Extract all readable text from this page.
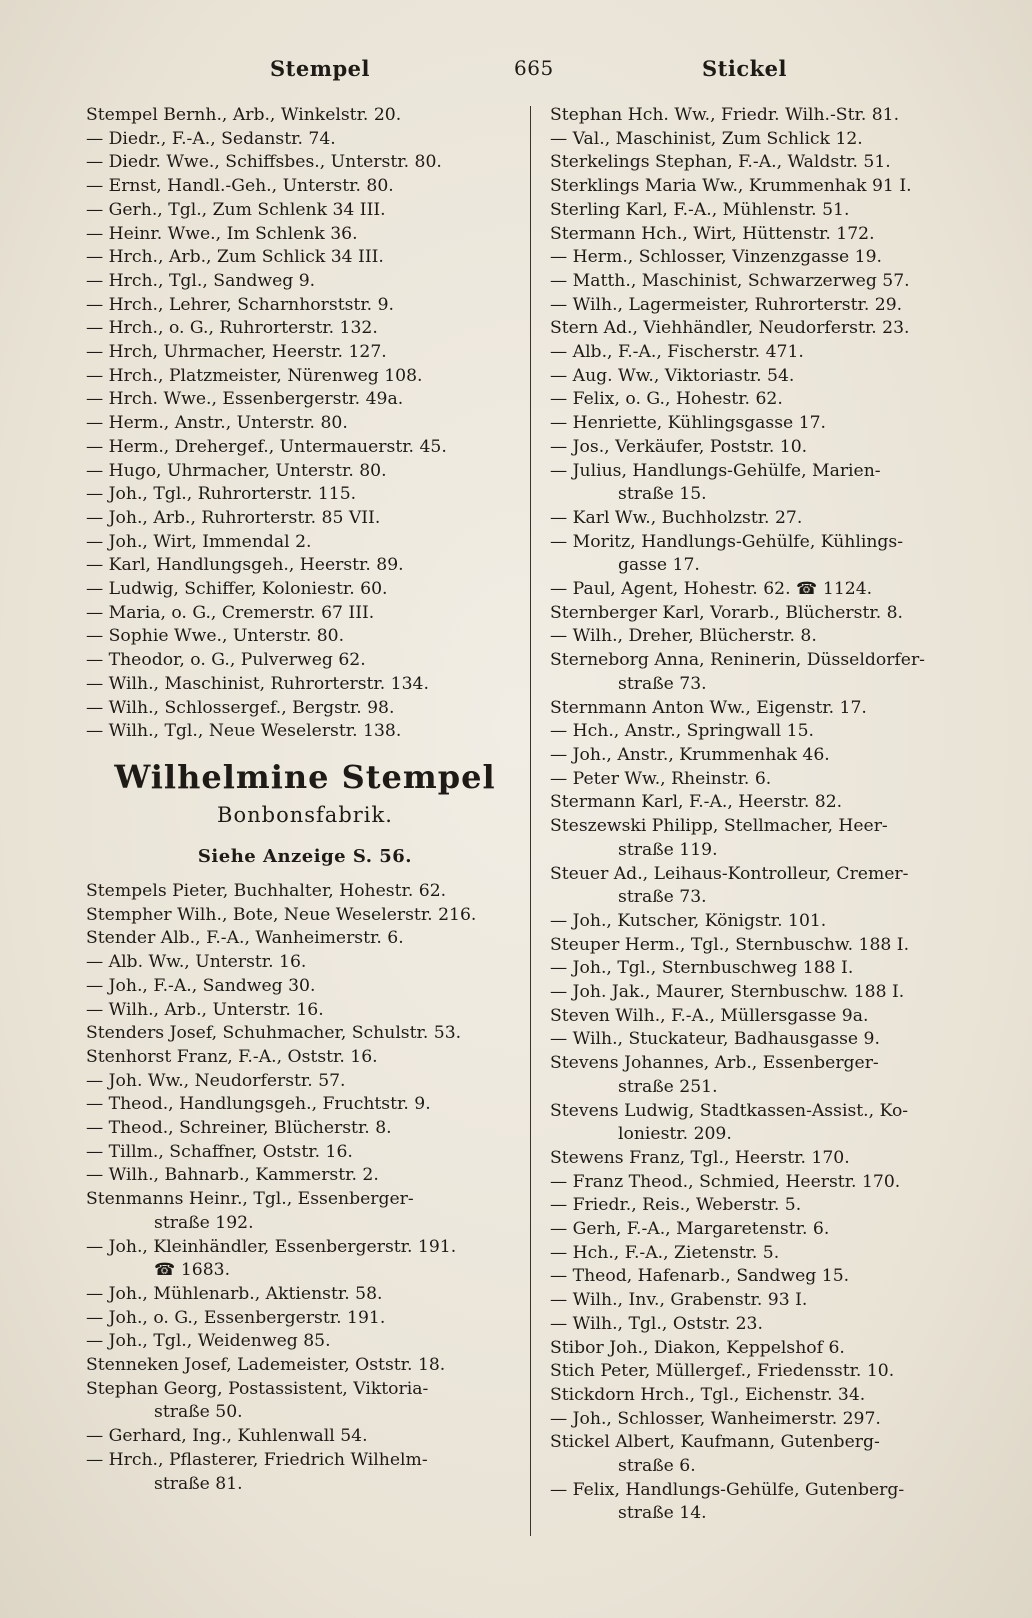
Stempel	665	Stickel
Stempel Bernh., Arb., Winkelstr. 20.
— Diedr., F.-A., Sedanstr. 74.
— Diedr. Wwe., Schiffsbes., Unterstr. 80.
— Ernst, Handl.-Geh., Unterstr. 80.
— Gerh., Tgl., Zum Schlenk 34 III.
— Heinr. Wwe., Im Schlenk 36.
— Hrch., Arb., Zum Schlick 34 III.
— Hrch., Tgl., Sandweg 9.
— Hrch., Lehrer, Scharnhorststr. 9.
— Hrch., o. G., Ruhrorterstr. 132.
— Hrch, Uhrmacher, Heerstr. 127.
— Hrch., Platzmeister, Nürenweg 108.
— Hrch. Wwe., Essenbergerstr. 49a.
— Herm., Anstr., Unterstr. 80.
— Herm., Drehergef., Untermauerstr. 45.
— Hugo, Uhrmacher, Unterstr. 80.
— Joh., Tgl., Ruhrorterstr. 115.
— Joh., Arb., Ruhrorterstr. 85 VII.
— Joh., Wirt, Immendal 2.
— Karl, Handlungsgeh., Heerstr. 89.
— Ludwig, Schiffer, Koloniestr. 60.
— Maria, o. G., Cremerstr. 67 III.
— Sophie Wwe., Unterstr. 80.
— Theodor, o. G., Pulverweg 62.
— Wilh., Maschinist, Ruhrorterstr. 134.
— Wilh., Schlossergef., Bergstr. 98.
— Wilh., Tgl., Neue Weselerstr. 138.
Wilhelmine Stempel
Bonbonsfabrik.
Siehe Anzeige S. 56.
Stempels Pieter, Buchhalter, Hohestr. 62.
Stempher Wilh., Bote, Neue Weselerstr. 216.
Stender Alb., F.-A., Wanheimerstr. 6.
— Alb. Ww., Unterstr. 16.
— Joh., F.-A., Sandweg 30.
— Wilh., Arb., Unterstr. 16.
Stenders Josef, Schuhmacher, Schulstr. 53.
Stenhorst Franz, F.-A., Oststr. 16.
— Joh. Ww., Neudorferstr. 57.
— Theod., Handlungsgeh., Fruchtstr. 9.
— Theod., Schreiner, Blücherstr. 8.
— Tillm., Schaffner, Oststr. 16.
— Wilh., Bahnarb., Kammerstr. 2.
Stenmanns Heinr., Tgl., Essenberger-
straße 192.
— Joh., Kleinhändler, Essenbergerstr. 191.
☎ 1683.
— Joh., Mühlenarb., Aktienstr. 58.
— Joh., o. G., Essenbergerstr. 191.
— Joh., Tgl., Weidenweg 85.
Stenneken Josef, Lademeister, Oststr. 18.
Stephan Georg, Postassistent, Viktoria-
straße 50.
— Gerhard, Ing., Kuhlenwall 54.
— Hrch., Pflasterer, Friedrich Wilhelm-
straße 81.
Stephan Hch. Ww., Friedr. Wilh.-Str. 81.
— Val., Maschinist, Zum Schlick 12.
Sterkelings Stephan, F.-A., Waldstr. 51.
Sterklings Maria Ww., Krummenhak 91 I.
Sterling Karl, F.-A., Mühlenstr. 51.
Stermann Hch., Wirt, Hüttenstr. 172.
— Herm., Schlosser, Vinzenzgasse 19.
— Matth., Maschinist, Schwarzerweg 57.
— Wilh., Lagermeister, Ruhrorterstr. 29.
Stern Ad., Viehhändler, Neudorferstr. 23.
— Alb., F.-A., Fischerstr. 471.
— Aug. Ww., Viktoriastr. 54.
— Felix, o. G., Hohestr. 62.
— Henriette, Kühlingsgasse 17.
— Jos., Verkäufer, Poststr. 10.
— Julius, Handlungs-Gehülfe, Marien-
straße 15.
— Karl Ww., Buchholzstr. 27.
— Moritz, Handlungs-Gehülfe, Kühlings-
gasse 17.
— Paul, Agent, Hohestr. 62. ☎ 1124.
Sternberger Karl, Vorarb., Blücherstr. 8.
— Wilh., Dreher, Blücherstr. 8.
Sterneborg Anna, Reninerin, Düsseldorfer-
straße 73.
Sternmann Anton Ww., Eigenstr. 17.
— Hch., Anstr., Springwall 15.
— Joh., Anstr., Krummenhak 46.
— Peter Ww., Rheinstr. 6.
Stermann Karl, F.-A., Heerstr. 82.
Steszewski Philipp, Stellmacher, Heer-
straße 119.
Steuer Ad., Leihaus-Kontrolleur, Cremer-
straße 73.
— Joh., Kutscher, Königstr. 101.
Steuper Herm., Tgl., Sternbuschw. 188 I.
— Joh., Tgl., Sternbuschweg 188 I.
— Joh. Jak., Maurer, Sternbuschw. 188 I.
Steven Wilh., F.-A., Müllersgasse 9a.
— Wilh., Stuckateur, Badhausgasse 9.
Stevens Johannes, Arb., Essenberger-
straße 251.
Stevens Ludwig, Stadtkassen-Assist., Ko-
loniestr. 209.
Stewens Franz, Tgl., Heerstr. 170.
— Franz Theod., Schmied, Heerstr. 170.
— Friedr., Reis., Weberstr. 5.
— Gerh, F.-A., Margaretenstr. 6.
— Hch., F.-A., Zietenstr. 5.
— Theod, Hafenarb., Sandweg 15.
— Wilh., Inv., Grabenstr. 93 I.
— Wilh., Tgl., Oststr. 23.
Stibor Joh., Diakon, Keppelshof 6.
Stich Peter, Müllergef., Friedensstr. 10.
Stickdorn Hrch., Tgl., Eichenstr. 34.
— Joh., Schlosser, Wanheimerstr. 297.
Stickel Albert, Kaufmann, Gutenberg-
straße 6.
— Felix, Handlungs-Gehülfe, Gutenberg-
straße 14.
